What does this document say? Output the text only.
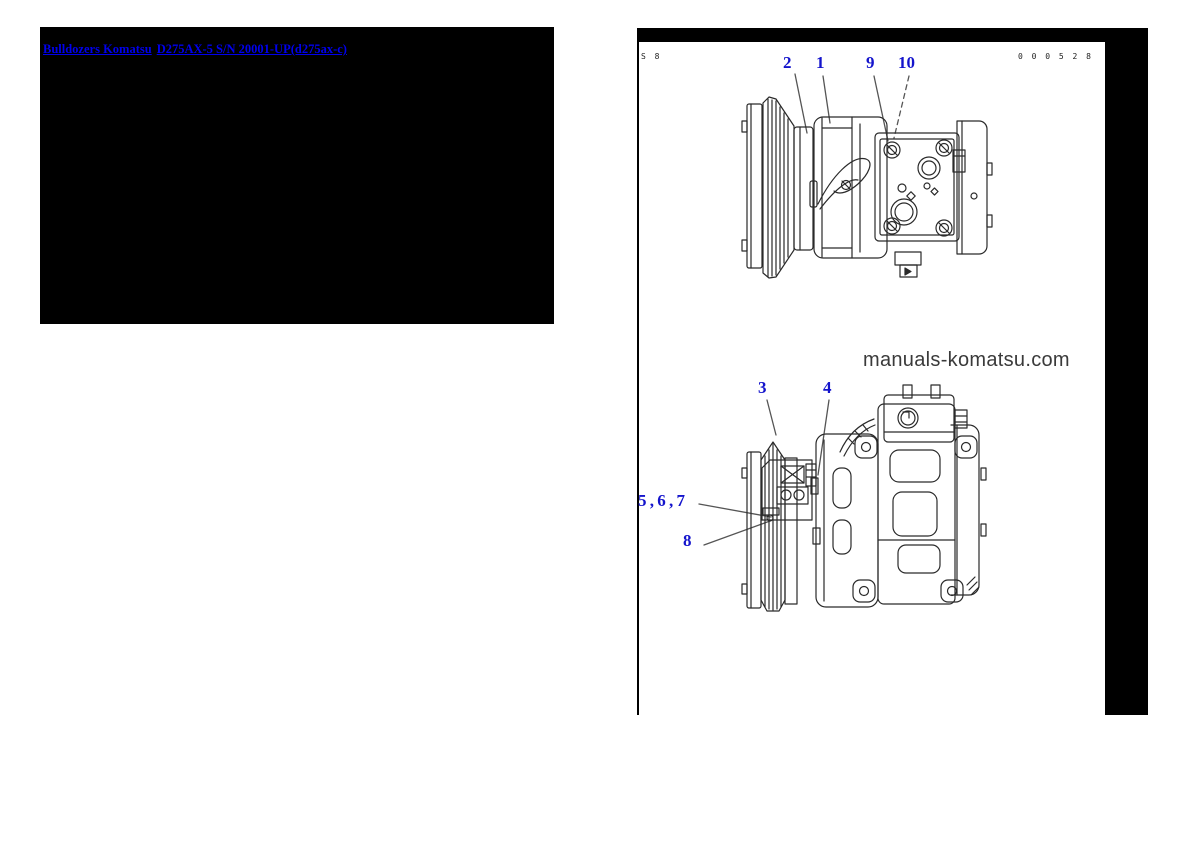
Bulldozers Komatsu D275AX-5 S/N 20001-UP(d275ax-c)
S 8	0 0 0 5 2 8
manuals-komatsu.com
2 1 9 10
3	4
5 , 6 , 7
8
